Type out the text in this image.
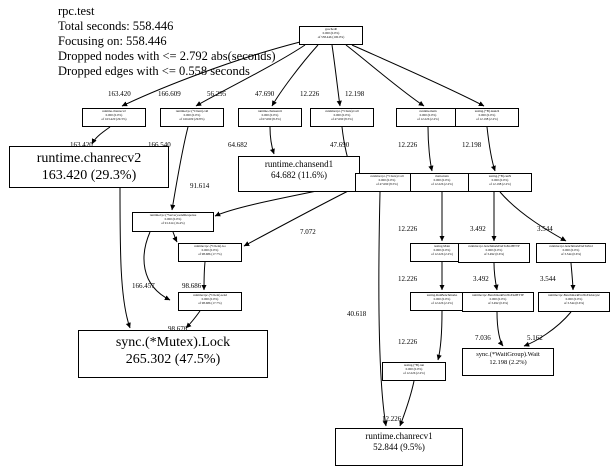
rpc.test
Total seconds: 558.446
Focusing on: 558.446
Dropped nodes with <= 2.792 abs(seconds)
Dropped edges with <= 0.558 seconds
gosched0
0.000 (0.0%)
of 558.446 (100.0%)
runtime.chanrecv2
0.000 (0.0%)
of 163.420 (29.3%)
runtime/rpc.(*Client).call
0.000 (0.0%)
of 166.609 (29.8%)
runtime.chansend1
0.000 (0.0%)
of 67.690 (8.3%)
runtime/rpc.(*Client).Call
0.000 (0.0%)
of 47.690 (8.5%)
runtime.main
0.000 (0.0%)
of 12.226 (2.2%)
testing.(*B).launch
0.000 (0.0%)
of 12.198 (2.2%)
runtime.chanrecv2
163.420 (29.3%)
runtime.chansend1
64.682 (11.6%)	runtime/rpc.(*Client).Call
0.000 (0.0%)
of 47.690 (8.5%)
main.main
0.000 (0.0%)
of 12.226 (2.2%)
testing.(*B).runN
0.000 (0.0%)
of 12.198 (2.2%)
runtime/rpc.(*Server).sendResponse
0.000 (0.0%)
of 91.614 (16.4%)
runtime/rpc.(*Client).Go
0.000 (0.0%)
of 98.686 (17.7%)
testing.Main
0.000 (0.0%)
of 12.226 (2.2%)
runtime/rpc.benchmarkEndToEndHTTP
0.000 (0.0%)
of 3.492 (0.6%)
runtime/rpc.benchmarkEndToEnd
0.000 (0.0%)
of 3.544 (0.6%)
runtime/rpc.(*Client).send
0.000 (0.0%)
of 98.686 (17.7%)
testing.RunBenchmarks
0.000 (0.0%)
of 12.226 (2.2%)
runtime/rpc.BenchmarkEndToEndHTTP
0.000 (0.0%)
of 3.492 (0.6%)
runtime/rpc.BenchmarkEndToEndAsync
0.000 (0.0%)
of 3.544 (0.6%)
sync.(*Mutex).Lock
265.302 (47.5%)	testing.(*B).run
0.000 (0.0%)
of 12.226 (2.2%)
sync.(*WaitGroup).Wait
12.198 (2.2%)
runtime.chanrecv1
52.844 (9.5%)
163.420	166.609	56.295	47.690	12.226	12.198
163.420	166.540	64.682	47.690	12.226	12.198
91.614
7.072	12.226	3.492	3.544
166.457	98.686
12.226	3.492	3.544
98.676
40.618
12.226	7.036	5.162
12.226
